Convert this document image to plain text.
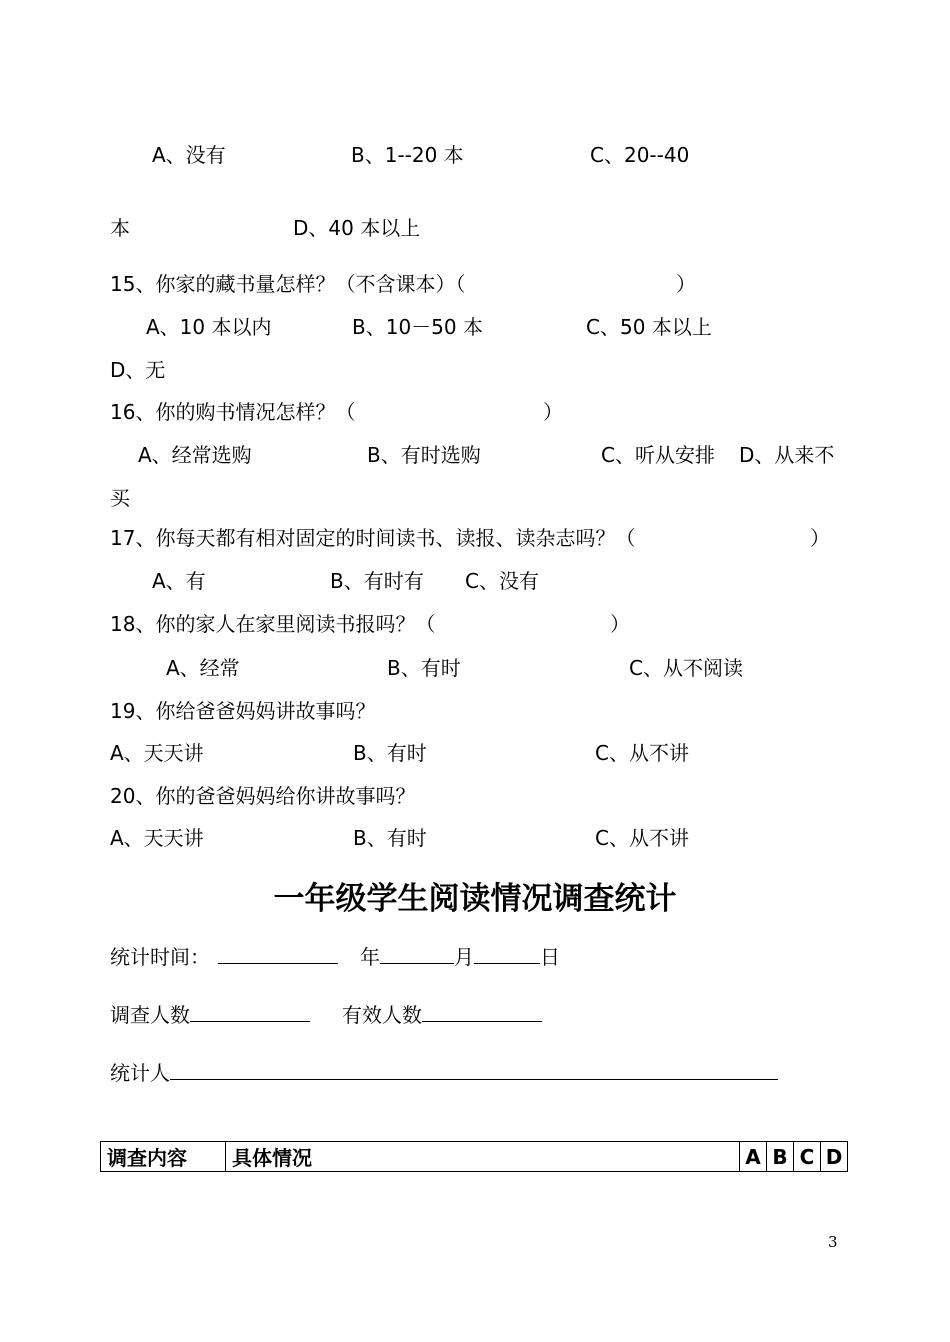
A、没有	B、1--20 本	C、20--40
本	D、40 本以上
15、你家的藏书量怎样？（不含课本）（	）
A、10 本以内	B、10－50 本	C、50 本以上
D、无
16、你的购书情况怎样？（	）
A、经常选购	B、有时选购	C、听从安排 D、从来不
买
17、你每天都有相对固定的时间读书、读报、读杂志吗？（	）
A、有	B、有时有 C、没有
18、你的家人在家里阅读书报吗？（	）
A、经常	B、有时	C、从不阅读
19、你给爸爸妈妈讲故事吗？
A、天天讲	B、有时	C、从不讲
20、你的爸爸妈妈给你讲故事吗？
A、天天讲	B、有时	C、从不讲
一年级学生阅读情况调查统计
统计时间：	年	月	日
调查人数	有效人数
统计人
调查内容	具体情况	A	B	C	D
3
